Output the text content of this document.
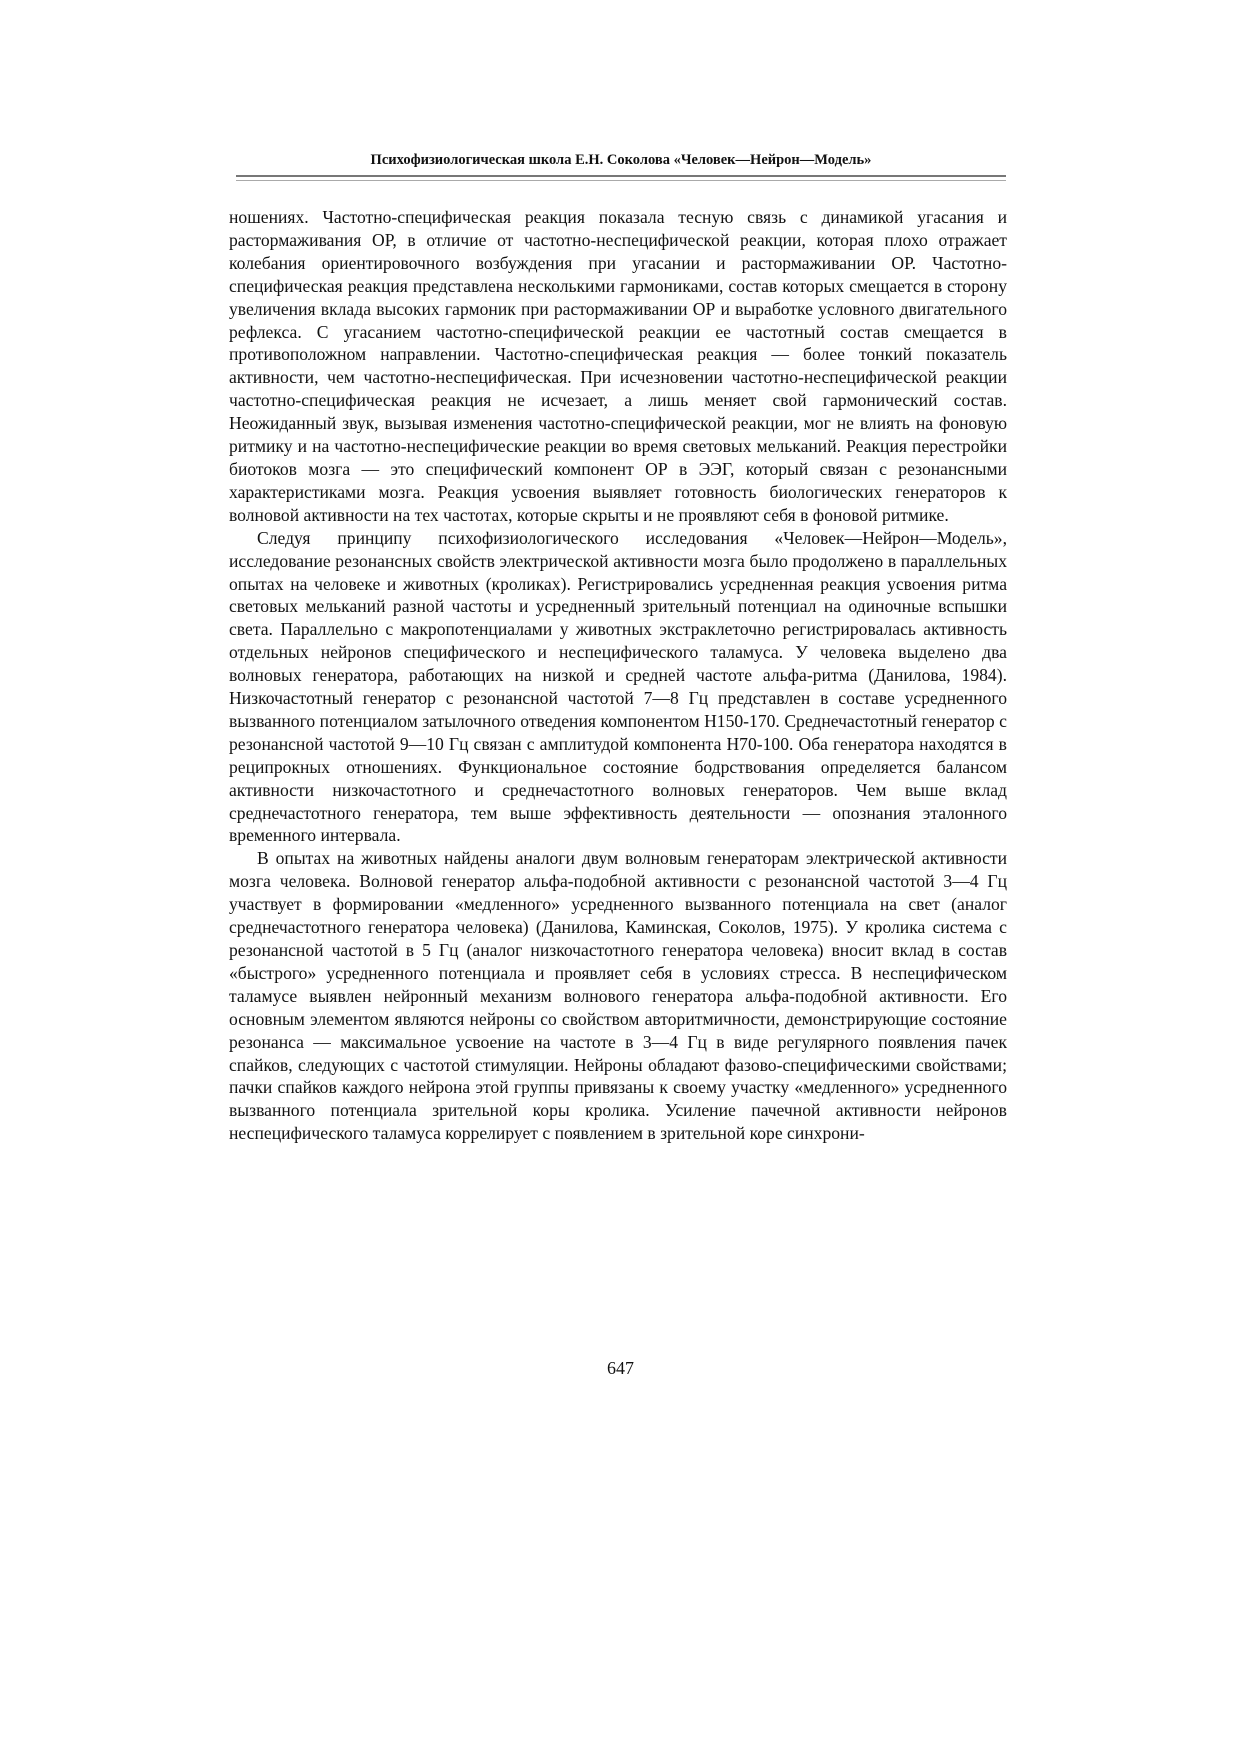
Психофизиологическая школа Е.Н. Соколова «Человек—Нейрон—Модель»

ношениях. Частотно-специфическая реакция показала тесную связь с динамикой угасания и растормаживания ОР, в отличие от частотно-неспецифической реакции, которая плохо отражает колебания ориентировочного возбуждения при угасании и растормаживании ОР. Частотно-специфическая реакция представлена несколькими гармониками, состав которых смещается в сторону увеличения вклада высоких гармоник при растормаживании ОР и выработке условного двигательного рефлекса. С угасанием частотно-специфической реакции ее частотный состав смещается в противоположном направлении. Частотно-специфическая реакция — более тонкий показатель активности, чем частотно-неспецифическая. При исчезновении частотно-неспецифической реакции частотно-специфическая реакция не исчезает, а лишь меняет свой гармонический состав. Неожиданный звук, вызывая изменения частотно-специфической реакции, мог не влиять на фоновую ритмику и на частотно-неспецифические реакции во время световых мельканий. Реакция перестройки биотоков мозга — это специфический компонент ОР в ЭЭГ, который связан с резонансными характеристиками мозга. Реакция усвоения выявляет готовность биологических генераторов к волновой активности на тех частотах, которые скрыты и не проявляют себя в фоновой ритмике.

Следуя принципу психофизиологического исследования «Человек—Нейрон—Модель», исследование резонансных свойств электрической активности мозга было продолжено в параллельных опытах на человеке и животных (кроликах). Регистрировались усредненная реакция усвоения ритма световых мельканий разной частоты и усредненный зрительный потенциал на одиночные вспышки света. Параллельно с макропотенциалами у животных экстраклеточно регистрировалась активность отдельных нейронов специфического и неспецифического таламуса. У человека выделено два волновых генератора, работающих на низкой и средней частоте альфа-ритма (Данилова, 1984). Низкочастотный генератор с резонансной частотой 7—8 Гц представлен в составе усредненного вызванного потенциалом затылочного отведения компонентом Н150-170. Среднечастотный генератор с резонансной частотой 9—10 Гц связан с амплитудой компонента Н70-100. Оба генератора находятся в реципрокных отношениях. Функциональное состояние бодрствования определяется балансом активности низкочастотного и среднечастотного волновых генераторов. Чем выше вклад среднечастотного генератора, тем выше эффективность деятельности — опознания эталонного временного интервала.

В опытах на животных найдены аналоги двум волновым генераторам электрической активности мозга человека. Волновой генератор альфа-подобной активности с резонансной частотой 3—4 Гц участвует в формировании «медленного» усредненного вызванного потенциала на свет (аналог среднечастотного генератора человека) (Данилова, Каминская, Соколов, 1975). У кролика система с резонансной частотой в 5 Гц (аналог низкочастотного генератора человека) вносит вклад в состав «быстрого» усредненного потенциала и проявляет себя в условиях стресса. В неспецифическом таламусе выявлен нейронный механизм волнового генератора альфа-подобной активности. Его основным элементом являются нейроны со свойством авторитмичности, демонстрирующие состояние резонанса — максимальное усвоение на частоте в 3—4 Гц в виде регулярного появления пачек спайков, следующих с частотой стимуляции. Нейроны обладают фазово-специфическими свойствами; пачки спайков каждого нейрона этой группы привязаны к своему участку «медленного» усредненного вызванного потенциала зрительной коры кролика. Усиление пачечной активности нейронов неспецифического таламуса коррелирует с появлением в зрительной коре синхрони-

647
